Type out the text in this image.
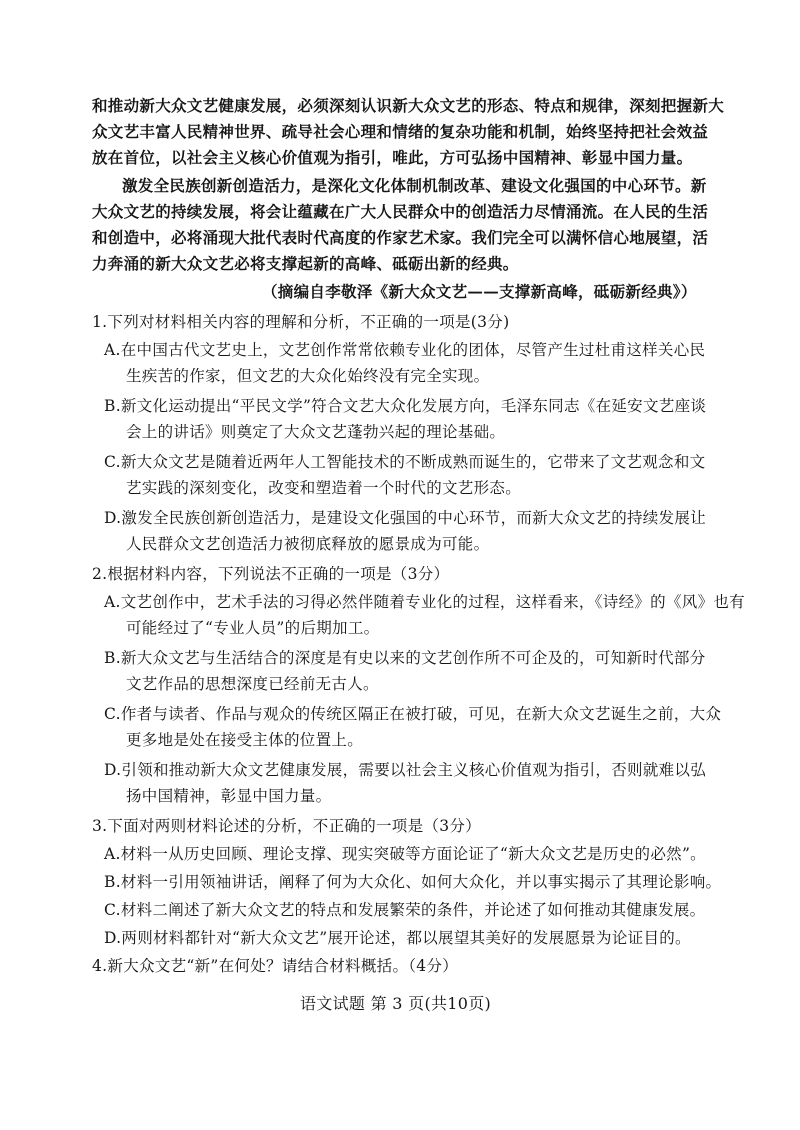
和推动新大众文艺健康发展，必须深刻认识新大众文艺的形态、特点和规律，深刻把握新大
众文艺丰富人民精神世界、疏导社会心理和情绪的复杂功能和机制，始终坚持把社会效益
放在首位，以社会主义核心价值观为指引，唯此，方可弘扬中国精神、彰显中国力量。
激发全民族创新创造活力，是深化文化体制机制改革、建设文化强国的中心环节。新
大众文艺的持续发展，将会让蕴藏在广大人民群众中的创造活力尽情涌流。在人民的生活
和创造中，必将涌现大批代表时代高度的作家艺术家。我们完全可以满怀信心地展望，活
力奔涌的新大众文艺必将支撑起新的高峰、砥砺出新的经典。
（摘编自李敬泽《新大众文艺——支撑新高峰，砥砺新经典》）
1.下列对材料相关内容的理解和分析，不正确的一项是(3分)
A.在中国古代文艺史上，文艺创作常常依赖专业化的团体，尽管产生过杜甫这样关心民
生疾苦的作家，但文艺的大众化始终没有完全实现。
B.新文化运动提出“平民文学”符合文艺大众化发展方向，毛泽东同志《在延安文艺座谈
会上的讲话》则奠定了大众文艺蓬勃兴起的理论基础。
C.新大众文艺是随着近两年人工智能技术的不断成熟而诞生的，它带来了文艺观念和文
艺实践的深刻变化，改变和塑造着一个时代的文艺形态。
D.激发全民族创新创造活力，是建设文化强国的中心环节，而新大众文艺的持续发展让
人民群众文艺创造活力被彻底释放的愿景成为可能。
2.根据材料内容，下列说法不正确的一项是（3分）
A.文艺创作中，艺术手法的习得必然伴随着专业化的过程，这样看来，《诗经》的《风》也有
可能经过了“专业人员”的后期加工。
B.新大众文艺与生活结合的深度是有史以来的文艺创作所不可企及的，可知新时代部分
文艺作品的思想深度已经前无古人。
C.作者与读者、作品与观众的传统区隔正在被打破，可见，在新大众文艺诞生之前，大众
更多地是处在接受主体的位置上。
D.引领和推动新大众文艺健康发展，需要以社会主义核心价值观为指引，否则就难以弘
扬中国精神，彰显中国力量。
3.下面对两则材料论述的分析，不正确的一项是（3分）
A.材料一从历史回顾、理论支撑、现实突破等方面论证了“新大众文艺是历史的必然”。
B.材料一引用领袖讲话，阐释了何为大众化、如何大众化，并以事实揭示了其理论影响。
C.材料二阐述了新大众文艺的特点和发展繁荣的条件，并论述了如何推动其健康发展。
D.两则材料都针对“新大众文艺”展开论述，都以展望其美好的发展愿景为论证目的。
4.新大众文艺“新”在何处？请结合材料概括。（4分）
语文试题 第 3 页(共10页)
